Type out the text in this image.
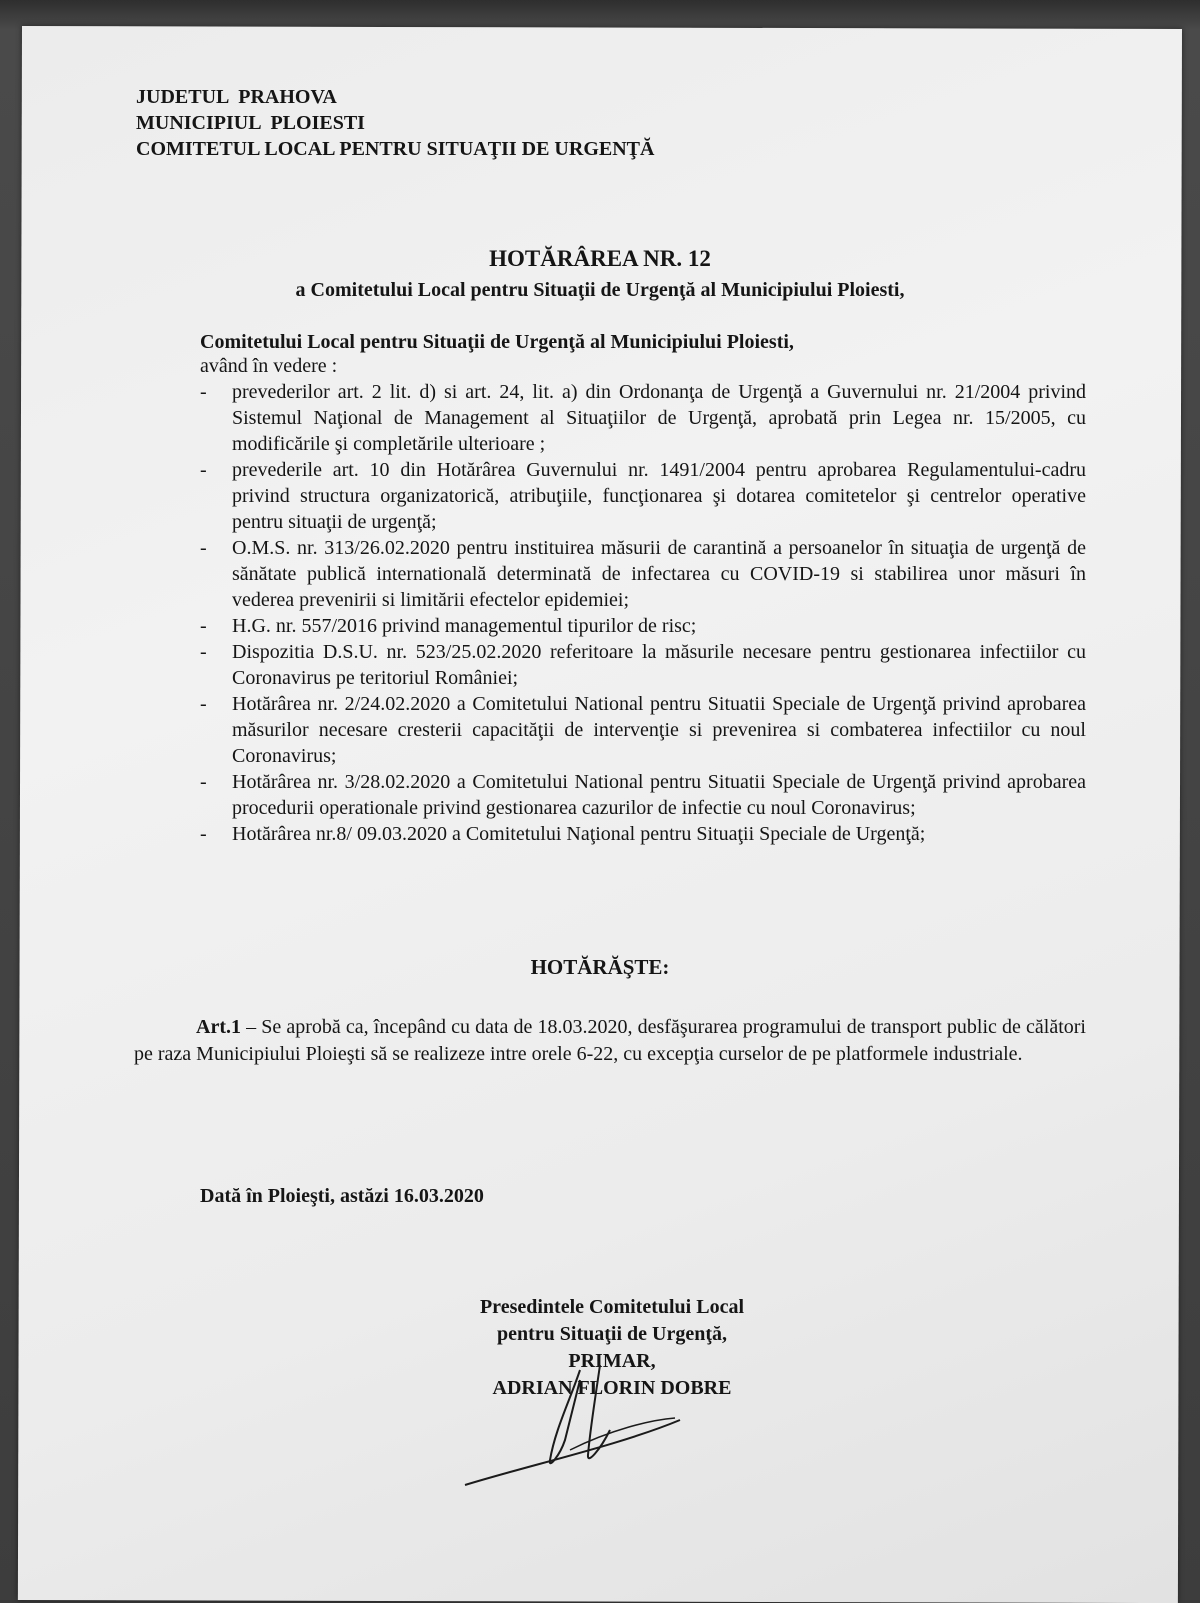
JUDETUL  PRAHOVA
MUNICIPIUL  PLOIESTI
COMITETUL LOCAL PENTRU SITUAŢII DE URGENŢĂ
HOTĂRÂREA NR. 12
a Comitetului Local pentru Situaţii de Urgenţă al Municipiului Ploiesti,
Comitetului Local pentru Situaţii de Urgenţă al Municipiului Ploiesti,
având în vedere :
- prevederilor art. 2 lit. d) si art. 24, lit. a) din Ordonanţa de Urgenţă a Guvernului nr. 21/2004 privind Sistemul Naţional de Management al Situaţiilor de Urgenţă, aprobată prin Legea nr. 15/2005, cu modificările şi completările ulterioare ;
- prevederile art. 10 din Hotărârea Guvernului nr. 1491/2004 pentru aprobarea Regulamentului-cadru privind structura organizatorică, atribuţiile, funcţionarea şi dotarea comitetelor şi centrelor operative pentru situaţii de urgenţă;
- O.M.S. nr. 313/26.02.2020 pentru instituirea măsurii de carantină a persoanelor în situaţia de urgenţă de sănătate publică internatională determinată de infectarea cu COVID-19 si stabilirea unor măsuri în vederea prevenirii si limitării efectelor epidemiei;
- H.G. nr. 557/2016 privind managementul tipurilor de risc;
- Dispozitia D.S.U. nr. 523/25.02.2020 referitoare la măsurile necesare pentru gestionarea infectiilor cu Coronavirus pe teritoriul României;
- Hotărârea nr. 2/24.02.2020 a Comitetului National pentru Situatii Speciale de Urgenţă privind aprobarea măsurilor necesare cresterii capacităţii de intervenţie si prevenirea si combaterea infectiilor cu noul Coronavirus;
- Hotărârea nr. 3/28.02.2020 a Comitetului National pentru Situatii Speciale de Urgenţă privind aprobarea procedurii operationale privind gestionarea cazurilor de infectie cu noul Coronavirus;
- Hotărârea nr.8/ 09.03.2020 a Comitetului Naţional pentru Situaţii Speciale de Urgenţă;
HOTĂRĂŞTE:
Art.1 – Se aprobă ca, începând cu data de 18.03.2020, desfăşurarea programului de transport public de călători pe raza Municipiului Ploieşti să se realizeze intre orele 6-22, cu excepţia curselor de pe platformele industriale.
Dată în Ploieşti, astăzi 16.03.2020
Presedintele Comitetului Local
pentru Situaţii de Urgenţă,
PRIMAR,
ADRIAN FLORIN DOBRE
